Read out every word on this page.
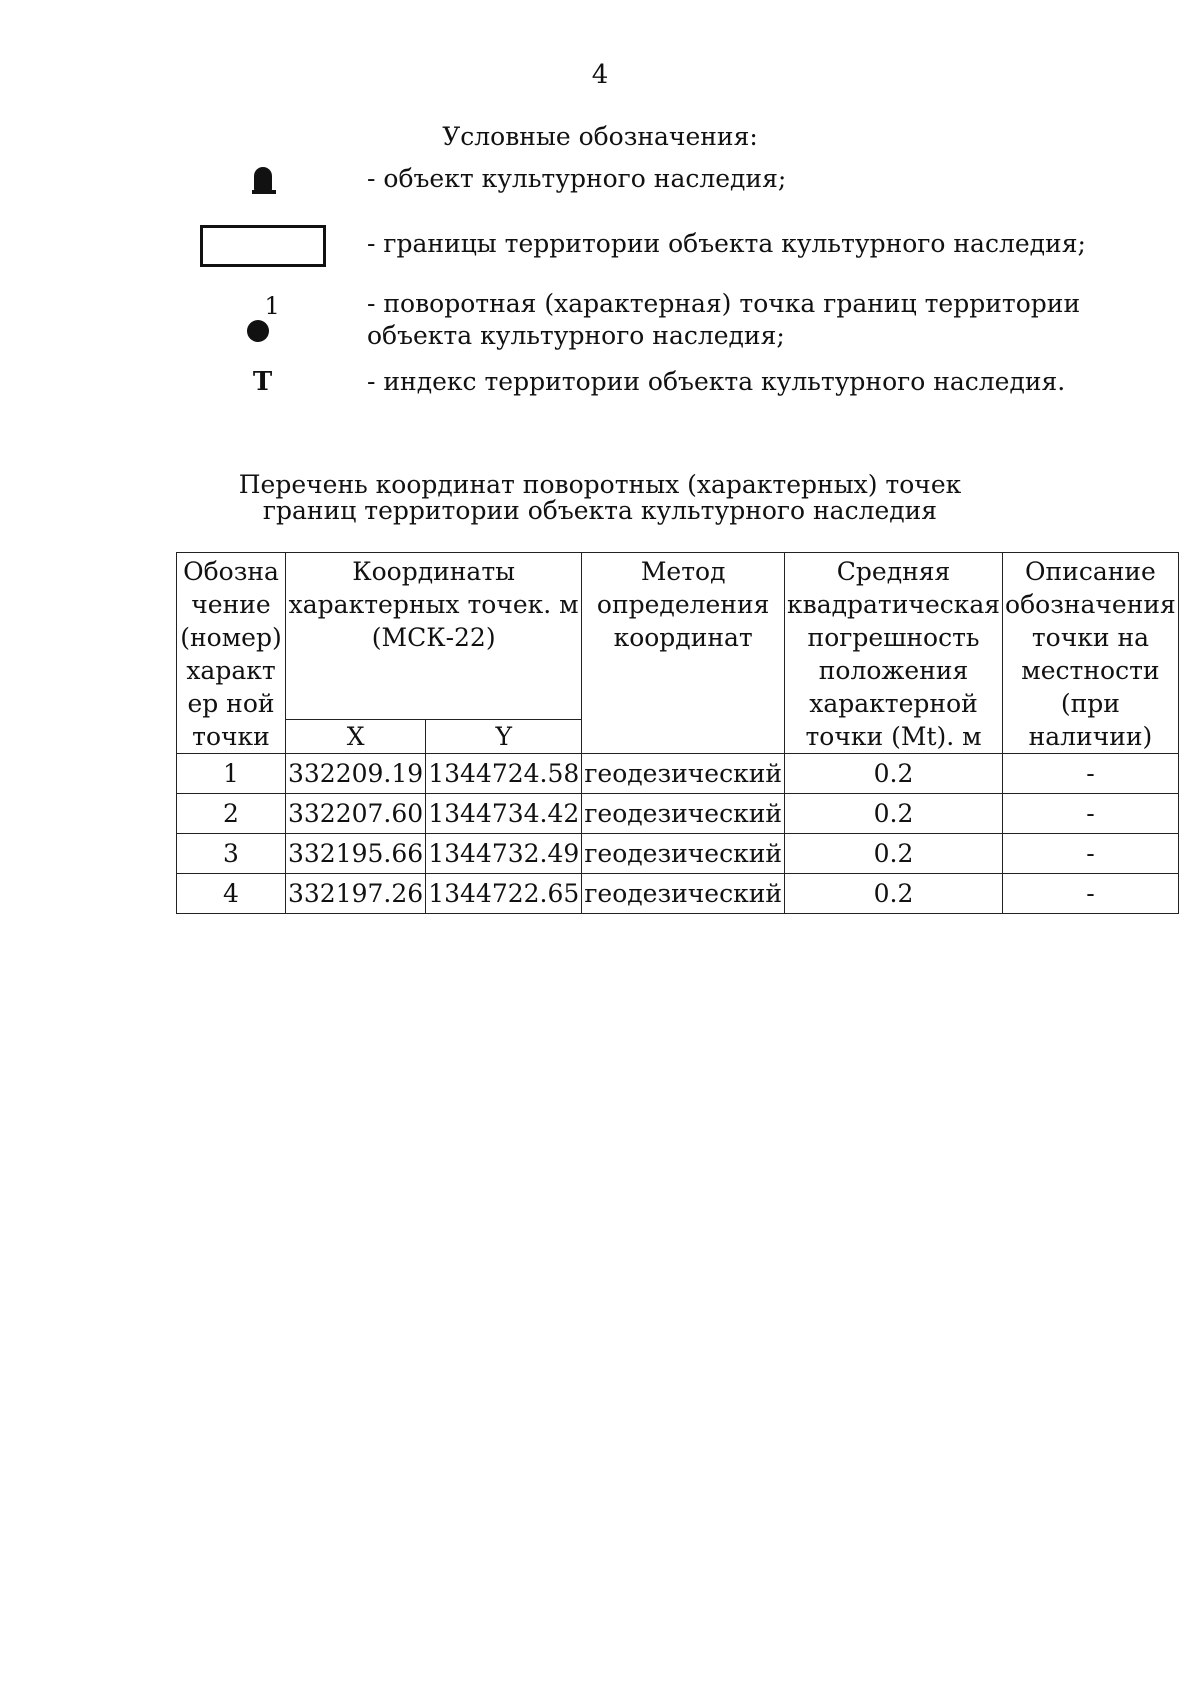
4
Условные обозначения:
- объект культурного наследия;
- границы территории объекта культурного наследия;
1	- поворотная (характерная) точка границ территории объекта культурного наследия;
Т	- индекс территории объекта культурного наследия.
Перечень координат поворотных (характерных) точек
границ территории объекта культурного наследия
Обозна чение (номер) характер ной точки	Координаты характерных точек. м (МСК-22)		Метод определения координат	Средняя квадратическая погрешность положения характерной точки (Mt). м	Описание обозначения точки на местности (при наличии)
	X	Y			
1	332209.19	1344724.58	геодезический	0.2	-
2	332207.60	1344734.42	геодезический	0.2	-
3	332195.66	1344732.49	геодезический	0.2	-
4	332197.26	1344722.65	геодезический	0.2	-
